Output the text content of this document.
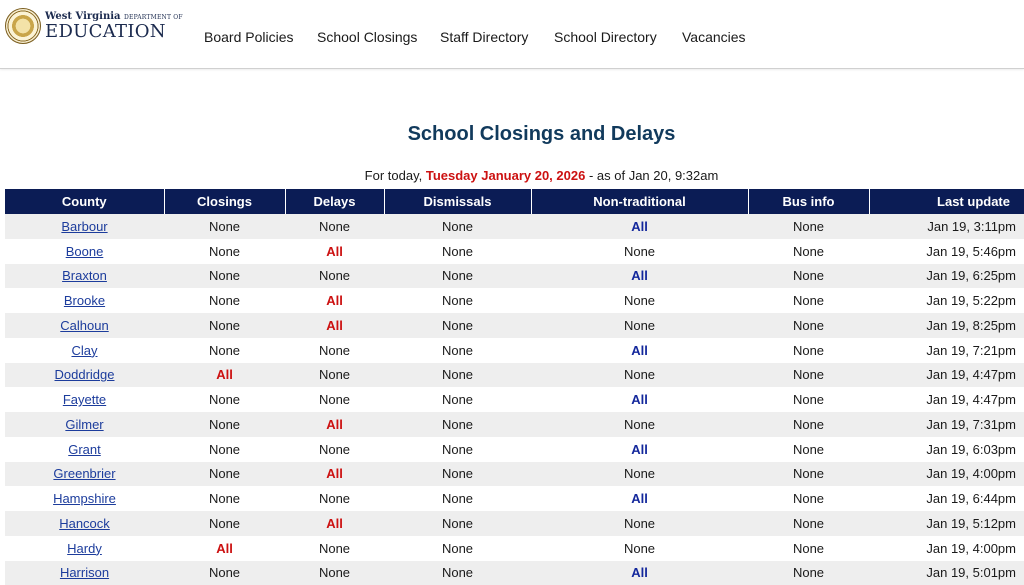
West Virginia DEPARTMENT OF
EDUCATION	Board Policies School Closings Staff Directory School Directory Vacancies
School Closings and Delays
For today, Tuesday January 20, 2026 - as of Jan 20, 9:32am
County	Closings	Delays	Dismissals	Non-traditional	Bus info	Last update
Barbour	None	None	None	All	None	Jan 19, 3:11pm
Boone	None	All	None	None	None	Jan 19, 5:46pm
Braxton	None	None	None	All	None	Jan 19, 6:25pm
Brooke	None	All	None	None	None	Jan 19, 5:22pm
Calhoun	None	All	None	None	None	Jan 19, 8:25pm
Clay	None	None	None	All	None	Jan 19, 7:21pm
Doddridge	All	None	None	None	None	Jan 19, 4:47pm
Fayette	None	None	None	All	None	Jan 19, 4:47pm
Gilmer	None	All	None	None	None	Jan 19, 7:31pm
Grant	None	None	None	All	None	Jan 19, 6:03pm
Greenbrier	None	All	None	None	None	Jan 19, 4:00pm
Hampshire	None	None	None	All	None	Jan 19, 6:44pm
Hancock	None	All	None	None	None	Jan 19, 5:12pm
Hardy	All	None	None	None	None	Jan 19, 4:00pm
Harrison	None	None	None	All	None	Jan 19, 5:01pm
